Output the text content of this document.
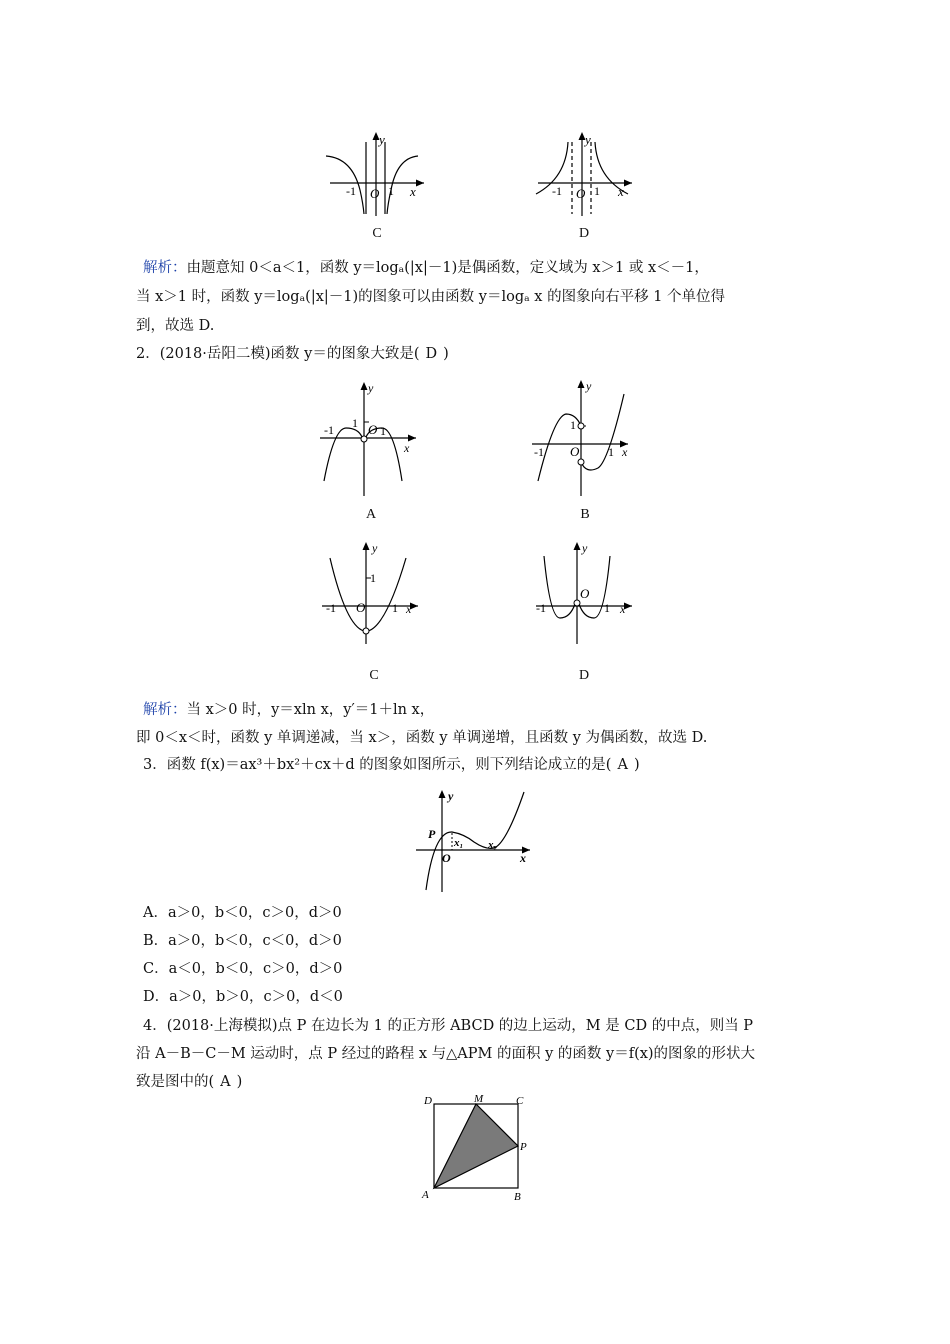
y
O
-1	1 x
C
y
O
-1	1 x
D
解析：由题意知 0＜a＜1，函数 y＝logₐ(|x|－1)是偶函数，定义域为 x＞1 或 x＜－1，
当 x＞1 时，函数 y＝logₐ(|x|－1)的图象可以由函数 y＝logₐ x 的图象向右平移 1 个单位得
到，故选 D.
2．(2018·岳阳二模)函数 y＝的图象大致是( D )
y
1
-1	O 1
x
A
y
1
-1 O 1 x
B
y
1
-1 O 1 x
C
y
O
-1	1 x
D
解析：当 x＞0 时，y＝xln x，y′＝1＋ln x，
即 0＜x＜时，函数 y 单调递减，当 x＞，函数 y 单调递增，且函数 y 为偶函数，故选 D.
3．函数 f(x)＝ax³＋bx²＋cx＋d 的图象如图所示，则下列结论成立的是( A )
y
P
x₁
O
x₂
x
A．a＞0，b＜0，c＞0，d＞0
B．a＞0，b＜0，c＜0，d＞0
C．a＜0，b＜0，c＞0，d＞0
D．a＞0，b＞0，c＞0，d＜0
4．(2018·上海模拟)点 P 在边长为 1 的正方形 ABCD 的边上运动，M 是 CD 的中点，则当 P
沿 A－B－C－M 运动时，点 P 经过的路程 x 与△APM 的面积 y 的函数 y＝f(x)的图象的形状大
致是图中的( A )
D	M	C
P
A	B
